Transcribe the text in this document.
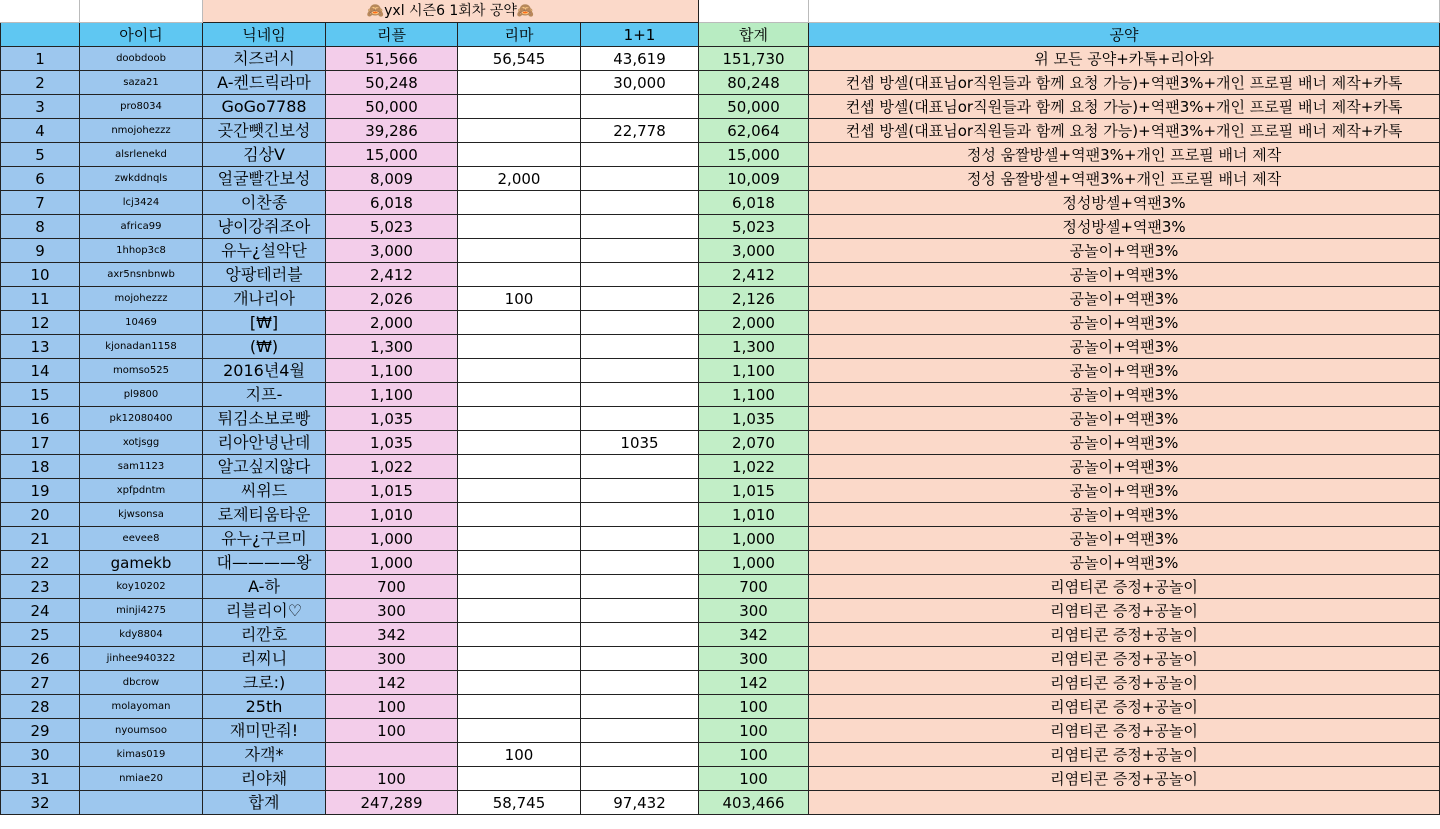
		🙈yxl 시즌6 1회차 공약🙈					
	아이디	닉네임	리플	리마	1+1	합계	공약
1	doobdoob	치즈러시	51,566	56,545	43,619	151,730	위 모든 공약+카톡+리아와
2	saza21	A-켄드릭라마	50,248		30,000	80,248	컨셉 방셀(대표님or직원들과 함께 요청 가능)+역팬3%+개인 프로필 배너 제작+카톡
3	pro8034	GoGo7788	50,000			50,000	컨셉 방셀(대표님or직원들과 함께 요청 가능)+역팬3%+개인 프로필 배너 제작+카톡
4	nmojohezzz	곳간뺏긴보성	39,286		22,778	62,064	컨셉 방셀(대표님or직원들과 함께 요청 가능)+역팬3%+개인 프로필 배너 제작+카톡
5	alsrlenekd	김상V	15,000			15,000	정성 움짤방셀+역팬3%+개인 프로필 배너 제작
6	zwkddnqls	얼굴빨간보성	8,009	2,000		10,009	정성 움짤방셀+역팬3%+개인 프로필 배너 제작
7	lcj3424	이찬종	6,018			6,018	정성방셀+역팬3%
8	africa99	냥이강쥐조아	5,023			5,023	정성방셀+역팬3%
9	1hhop3c8	유누¿설악단	3,000			3,000	공놀이+역팬3%
10	axr5nsnbnwb	앙팡테러블	2,412			2,412	공놀이+역팬3%
11	mojohezzz	개나리아	2,026	100		2,126	공놀이+역팬3%
12	10469	[₩]	2,000			2,000	공놀이+역팬3%
13	kjonadan1158	(₩)	1,300			1,300	공놀이+역팬3%
14	momso525	2016년4월	1,100			1,100	공놀이+역팬3%
15	pl9800	지프-	1,100			1,100	공놀이+역팬3%
16	pk12080400	튀김소보로빵	1,035			1,035	공놀이+역팬3%
17	xotjsgg	리아안녕난데	1,035		1035	2,070	공놀이+역팬3%
18	sam1123	알고싶지않다	1,022			1,022	공놀이+역팬3%
19	xpfpdntm	씨위드	1,015			1,015	공놀이+역팬3%
20	kjwsonsa	로제티움타운	1,010			1,010	공놀이+역팬3%
21	eevee8	유누¿구르미	1,000			1,000	공놀이+역팬3%
22	gamekb	대————왕	1,000			1,000	공놀이+역팬3%
23	koy10202	A-하	700			700	리염티콘 증정+공놀이
24	minji4275	리블리이♡	300			300	리염티콘 증정+공놀이
25	kdy8804	리깐호	342			342	리염티콘 증정+공놀이
26	jinhee940322	리찌니	300			300	리염티콘 증정+공놀이
27	dbcrow	크로:)	142			142	리염티콘 증정+공놀이
28	molayoman	25th	100			100	리염티콘 증정+공놀이
29	nyoumsoo	재미만줘!	100			100	리염티콘 증정+공놀이
30	kimas019	자객*		100		100	리염티콘 증정+공놀이
31	nmiae20	리야채	100			100	리염티콘 증정+공놀이
32		합계	247,289	58,745	97,432	403,466	
